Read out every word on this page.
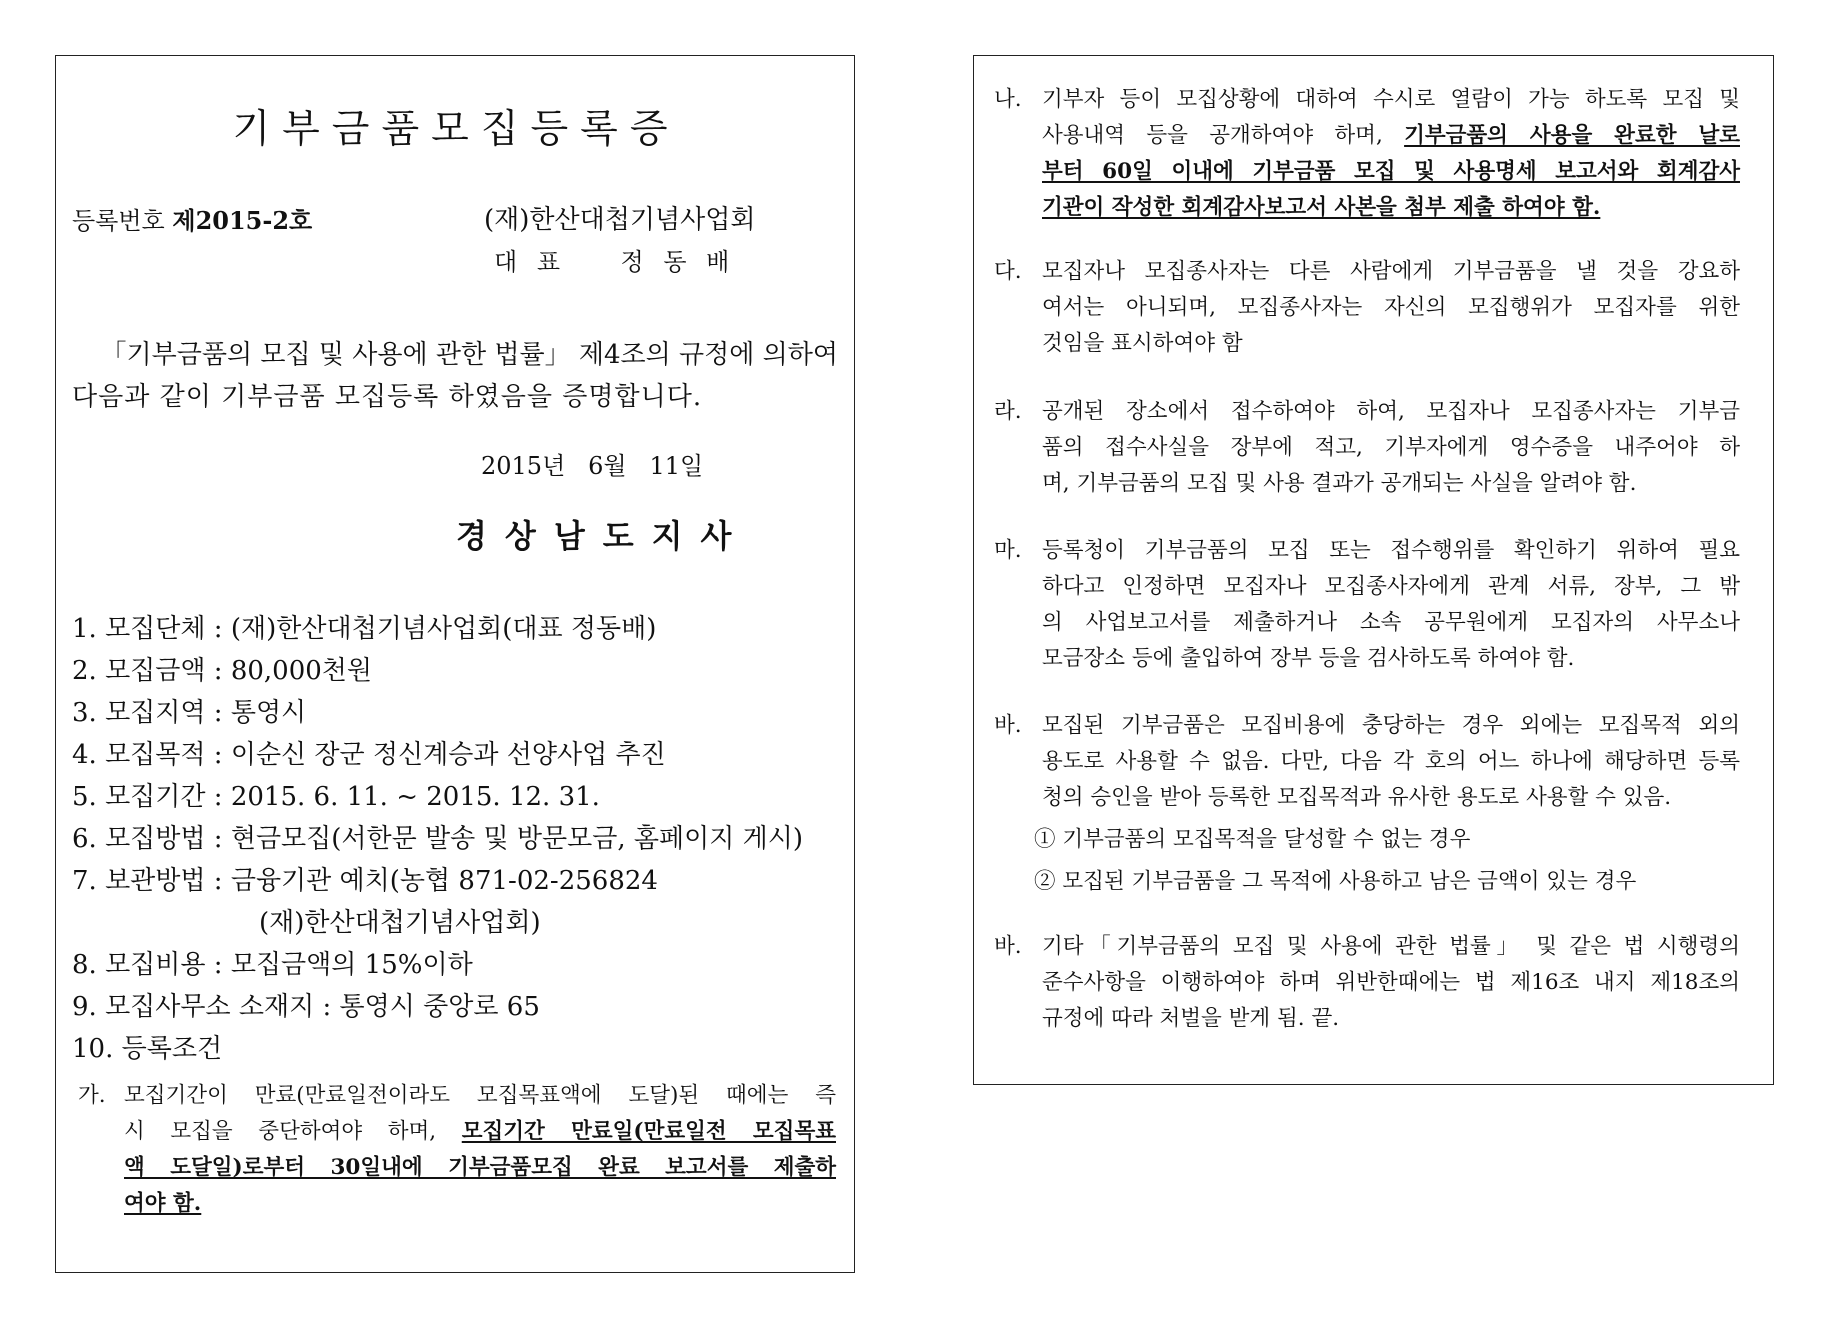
기부금품모집등록증
등록번호 제2015-2호	(재)한산대첩기념사업회
대 표    정 동 배
「기부금품의 모집 및 사용에 관한 법률」 제4조의 규정에 의하여
다음과 같이 기부금품 모집등록 하였음을 증명합니다.
2015년   6월   11일
경상남도지사
1. 모집단체 : (재)한산대첩기념사업회(대표 정동배)
2. 모집금액 : 80,000천원
3. 모집지역 : 통영시
4. 모집목적 : 이순신 장군 정신계승과 선양사업 추진
5. 모집기간 : 2015. 6. 11. ~ 2015. 12. 31.
6. 모집방법 : 현금모집(서한문 발송 및 방문모금, 홈페이지 게시)
7. 보관방법 : 금융기관 예치(농협 871-02-256824
(재)한산대첩기념사업회)
8. 모집비용 : 모집금액의 15%이하
9. 모집사무소 소재지 : 통영시 중앙로 65
10. 등록조건
가. 모집기간이 만료(만료일전이라도 모집목표액에 도달)된 때에는 즉
시 모집을 중단하여야 하며, 모집기간 만료일(만료일전 모집목표
액 도달일)로부터 30일내에 기부금품모집 완료 보고서를 제출하
여야 함.
나. 기부자 등이 모집상황에 대하여 수시로 열람이 가능 하도록 모집 및
사용내역 등을 공개하여야 하며, 기부금품의 사용을 완료한 날로
부터 60일 이내에 기부금품 모집 및 사용명세 보고서와 회계감사
기관이 작성한 회계감사보고서 사본을 첨부 제출 하여야 함.
다. 모집자나 모집종사자는 다른 사람에게 기부금품을 낼 것을 강요하
여서는 아니되며, 모집종사자는 자신의 모집행위가 모집자를 위한
것임을 표시하여야 함
라. 공개된 장소에서 접수하여야 하여, 모집자나 모집종사자는 기부금
품의 접수사실을 장부에 적고, 기부자에게 영수증을 내주어야 하
며, 기부금품의 모집 및 사용 결과가 공개되는 사실을 알려야 함.
마. 등록청이 기부금품의 모집 또는 접수행위를 확인하기 위하여 필요
하다고 인정하면 모집자나 모집종사자에게 관계 서류, 장부, 그 밖
의 사업보고서를 제출하거나 소속 공무원에게 모집자의 사무소나
모금장소 등에 출입하여 장부 등을 검사하도록 하여야 함.
바. 모집된 기부금품은 모집비용에 충당하는 경우 외에는 모집목적 외의
용도로 사용할 수 없음. 다만, 다음 각 호의 어느 하나에 해당하면 등록
청의 승인을 받아 등록한 모집목적과 유사한 용도로 사용할 수 있음.
① 기부금품의 모집목적을 달성할 수 없는 경우
② 모집된 기부금품을 그 목적에 사용하고 남은 금액이 있는 경우
바. 기타「기부금품의 모집 및 사용에 관한 법률」 및 같은 법 시행령의
준수사항을 이행하여야 하며 위반한때에는 법 제16조 내지 제18조의
규정에 따라 처벌을 받게 됨. 끝.
